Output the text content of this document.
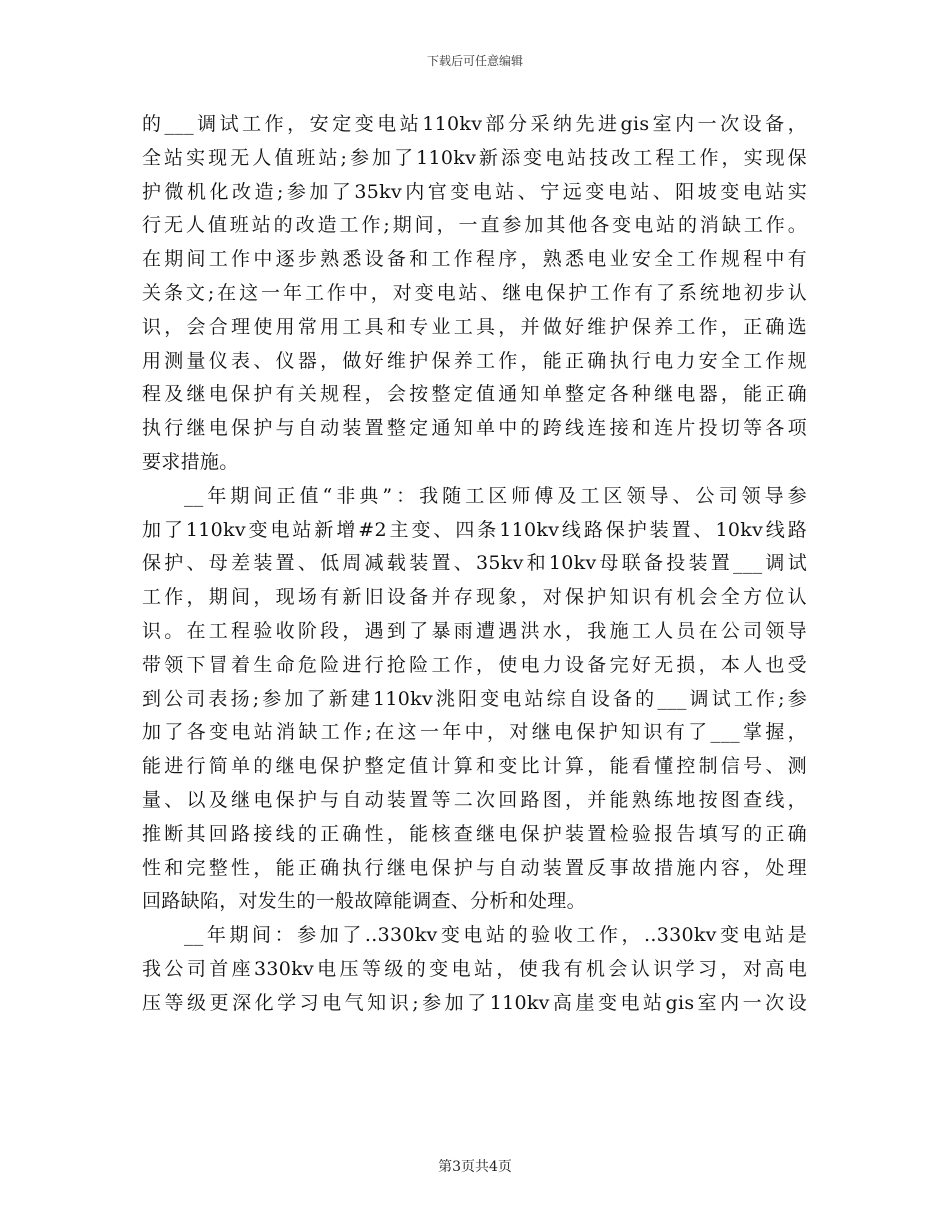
下载后可任意编辑
的___调试工作，安定变电站110kv部分采纳先进gis室内一次设备，
全站实现无人值班站;参加了110kv新添变电站技改工程工作，实现保
护微机化改造;参加了35kv内官变电站、宁远变电站、阳坡变电站实
行无人值班站的改造工作;期间，一直参加其他各变电站的消缺工作。
在期间工作中逐步熟悉设备和工作程序，熟悉电业安全工作规程中有
关条文;在这一年工作中，对变电站、继电保护工作有了系统地初步认
识，会合理使用常用工具和专业工具，并做好维护保养工作，正确选
用测量仪表、仪器，做好维护保养工作，能正确执行电力安全工作规
程及继电保护有关规程，会按整定值通知单整定各种继电器，能正确
执行继电保护与自动装置整定通知单中的跨线连接和连片投切等各项
要求措施。
__年期间正值“非典”：我随工区师傅及工区领导、公司领导参
加了110kv变电站新增#2主变、四条110kv线路保护装置、10kv线路
保护、母差装置、低周减载装置、35kv和10kv母联备投装置___调试
工作，期间，现场有新旧设备并存现象，对保护知识有机会全方位认
识。在工程验收阶段，遇到了暴雨遭遇洪水，我施工人员在公司领导
带领下冒着生命危险进行抢险工作，使电力设备完好无损，本人也受
到公司表扬;参加了新建110kv洮阳变电站综自设备的___调试工作;参
加了各变电站消缺工作;在这一年中，对继电保护知识有了___掌握，
能进行简单的继电保护整定值计算和变比计算，能看懂控制信号、测
量、以及继电保护与自动装置等二次回路图，并能熟练地按图查线，
推断其回路接线的正确性，能核查继电保护装置检验报告填写的正确
性和完整性，能正确执行继电保护与自动装置反事故措施内容，处理
回路缺陷，对发生的一般故障能调查、分析和处理。
__年期间：参加了..330kv变电站的验收工作，..330kv变电站是
我公司首座330kv电压等级的变电站，使我有机会认识学习，对高电
压等级更深化学习电气知识;参加了110kv高崖变电站gis室内一次设
第3页共4页
